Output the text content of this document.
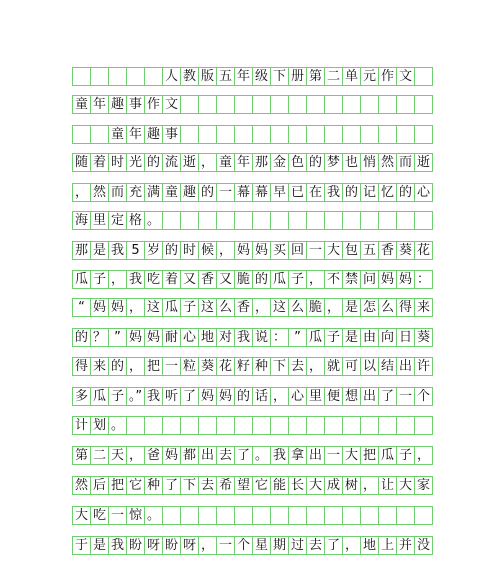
人 教 版 五 年 级 下 册 第 二 单 元 作 文
童 年 趣 事 作 文
童 年 趣 事
随 着 时 光 的 流 逝 ， 童 年 那 金 色 的 梦 也 悄 然 而 逝
， 然 而 充 满 童 趣 的 一 幕 幕 早 已 在 我 的 记 忆 的 心
海 里 定 格 。
那 是 我 5 岁 的 时 候 ， 妈 妈 买 回 一 大 包 五 香 葵 花
瓜 子 ， 我 吃 着 又 香 又 脆 的 瓜 子 ， 不 禁 问 妈 妈 ：
“ 妈 妈 ， 这 瓜 子 这 么 香 ， 这 么 脆 ， 是 怎 么 得 来
的 ？ ” 妈 妈 耐 心 地 对 我 说 ： ” 瓜 子 是 由 向 日 葵
得 来 的 ， 把 一 粒 葵 花 籽 种 下 去 ， 就 可 以 结 出 许
多 瓜 子 。” 我 听 了 妈 妈 的 话 ， 心 里 便 想 出 了 一 个
计 划 。
第 二 天 ， 爸 妈 都 出 去 了 。 我 拿 出 一 大 把 瓜 子 ，
然 后 把 它 种 了 下 去 希 望 它 能 长 大 成 树 ， 让 大 家
大 吃 一 惊 。
于 是 我 盼 呀 盼 呀 ， 一 个 星 期 过 去 了 ， 地 上 并 没
